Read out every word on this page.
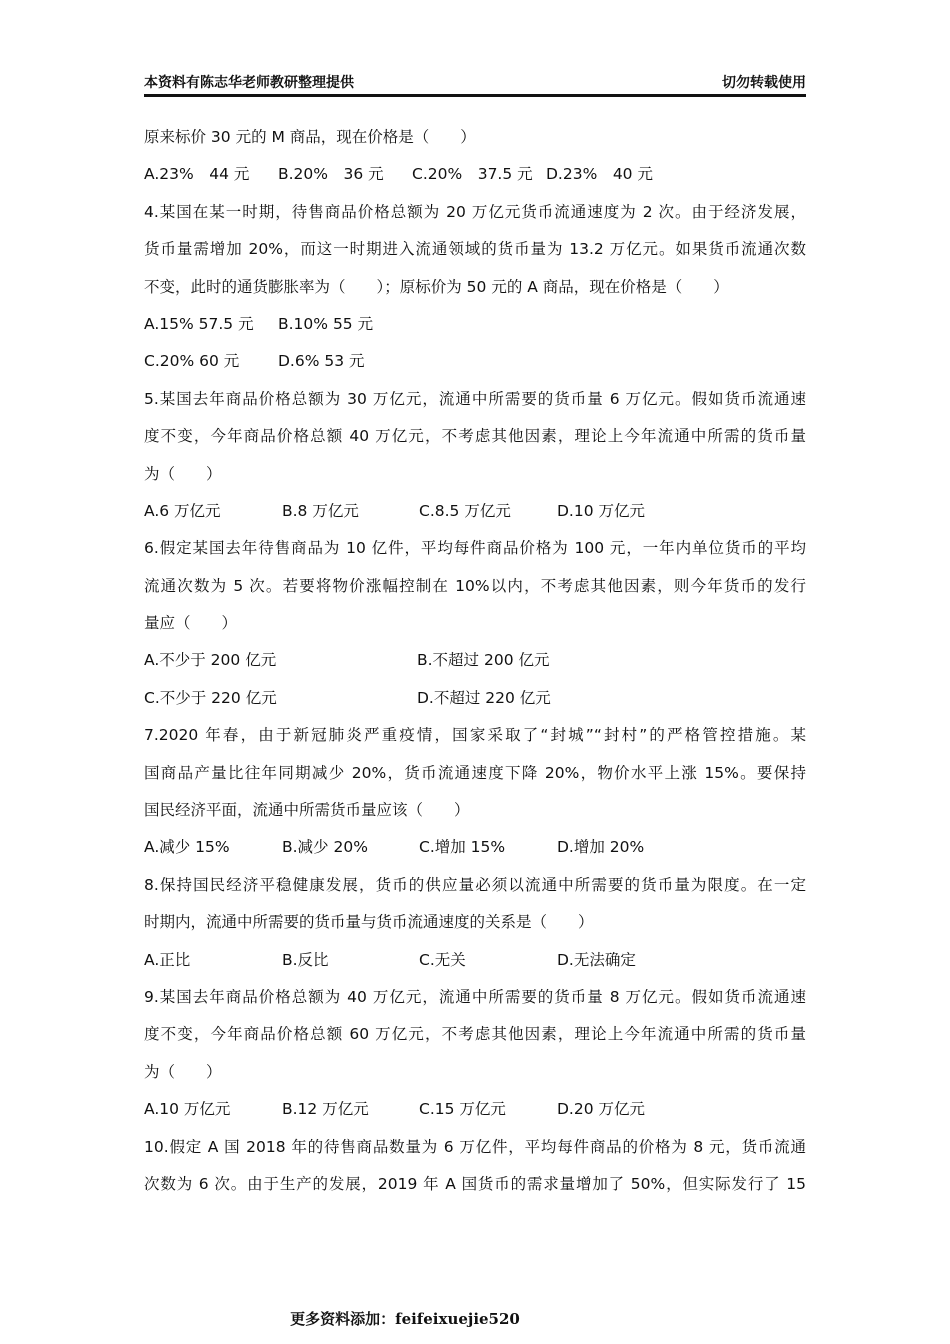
本资料有陈志华老师教研整理提供	切勿转载使用
原来标价 30 元的 M 商品，现在价格是（　　）
A.23%　44 元 B.20%　36 元 C.20%　37.5 元 D.23%　40 元
4.某国在某一时期，待售商品价格总额为 20 万亿元货币流通速度为 2 次。由于经济发展，
货币量需增加 20%，而这一时期进入流通领域的货币量为 13.2 万亿元。如果货币流通次数
不变，此时的通货膨胀率为（　　）；原标价为 50 元的 A 商品，现在价格是（　　）
A.15% 57.5 元 B.10% 55 元
C.20% 60 元 D.6% 53 元
5.某国去年商品价格总额为 30 万亿元，流通中所需要的货币量 6 万亿元。假如货币流通速
度不变，今年商品价格总额 40 万亿元，不考虑其他因素，理论上今年流通中所需的货币量
为（　　）
A.6 万亿元	B.8 万亿元	C.8.5 万亿元	D.10 万亿元
6.假定某国去年待售商品为 10 亿件，平均每件商品价格为 100 元，一年内单位货币的平均
流通次数为 5 次。若要将物价涨幅控制在 10%以内，不考虑其他因素，则今年货币的发行
量应（　　）
A.不少于 200 亿元	B.不超过 200 亿元
C.不少于 220 亿元	D.不超过 220 亿元
7.2020 年春，由于新冠肺炎严重疫情，国家采取了“封城”“封村”的严格管控措施。某
国商品产量比往年同期减少 20%，货币流通速度下降 20%，物价水平上涨 15%。要保持
国民经济平面，流通中所需货币量应该（　　）
A.减少 15%	B.减少 20%	C.增加 15%	D.增加 20%
8.保持国民经济平稳健康发展，货币的供应量必须以流通中所需要的货币量为限度。在一定
时期内，流通中所需要的货币量与货币流通速度的关系是（　　）
A.正比	B.反比	C.无关	D.无法确定
9.某国去年商品价格总额为 40 万亿元，流通中所需要的货币量 8 万亿元。假如货币流通速
度不变，今年商品价格总额 60 万亿元，不考虑其他因素，理论上今年流通中所需的货币量
为（　　）
A.10 万亿元	B.12 万亿元	C.15 万亿元	D.20 万亿元
10.假定 A 国 2018 年的待售商品数量为 6 万亿件，平均每件商品的价格为 8 元，货币流通
次数为 6 次。由于生产的发展，2019 年 A 国货币的需求量增加了 50%，但实际发行了 15
更多资料添加：feifeixuejie520
